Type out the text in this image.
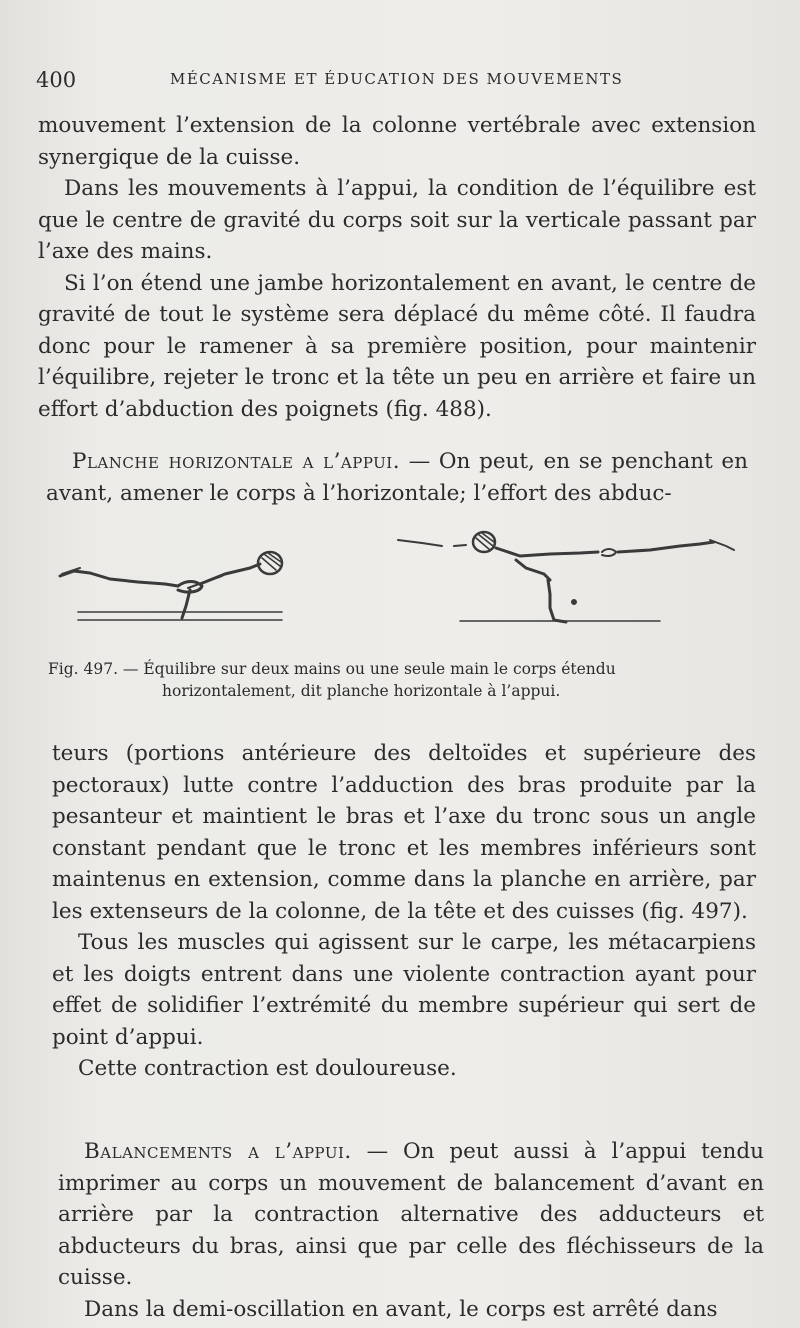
400	MÉCANISME ET ÉDUCATION DES MOUVEMENTS

mouvement l’extension de la colonne vertébrale avec extension synergique de la cuisse.

Dans les mouvements à l’appui, la condition de l’équilibre est que le centre de gravité du corps soit sur la verticale passant par l’axe des mains.

Si l’on étend une jambe horizontalement en avant, le centre de gravité de tout le système sera déplacé du même côté. Il faudra donc pour le ramener à sa première position, pour maintenir l’équilibre, rejeter le tronc et la tête un peu en arrière et faire un effort d’abduction des poignets (fig. 488).

Planche horizontale a l’appui. — On peut, en se penchant en avant, amener le corps à l’horizontale; l’effort des abduc-

Fig. 497. — Équilibre sur deux mains ou une seule main le corps étendu
horizontalement, dit planche horizontale à l’appui.

teurs (portions antérieure des deltoïdes et supérieure des pectoraux) lutte contre l’adduction des bras produite par la pesanteur et maintient le bras et l’axe du tronc sous un angle constant pendant que le tronc et les membres inférieurs sont maintenus en extension, comme dans la planche en arrière, par les extenseurs de la colonne, de la tête et des cuisses (fig. 497).

Tous les muscles qui agissent sur le carpe, les métacarpiens et les doigts entrent dans une violente contraction ayant pour effet de solidifier l’extrémité du membre supérieur qui sert de point d’appui.

Cette contraction est douloureuse.

Balancements a l’appui. — On peut aussi à l’appui tendu imprimer au corps un mouvement de balancement d’avant en arrière par la contraction alternative des adducteurs et abducteurs du bras, ainsi que par celle des fléchisseurs de la cuisse.

Dans la demi-oscillation en avant, le corps est arrêté dans
